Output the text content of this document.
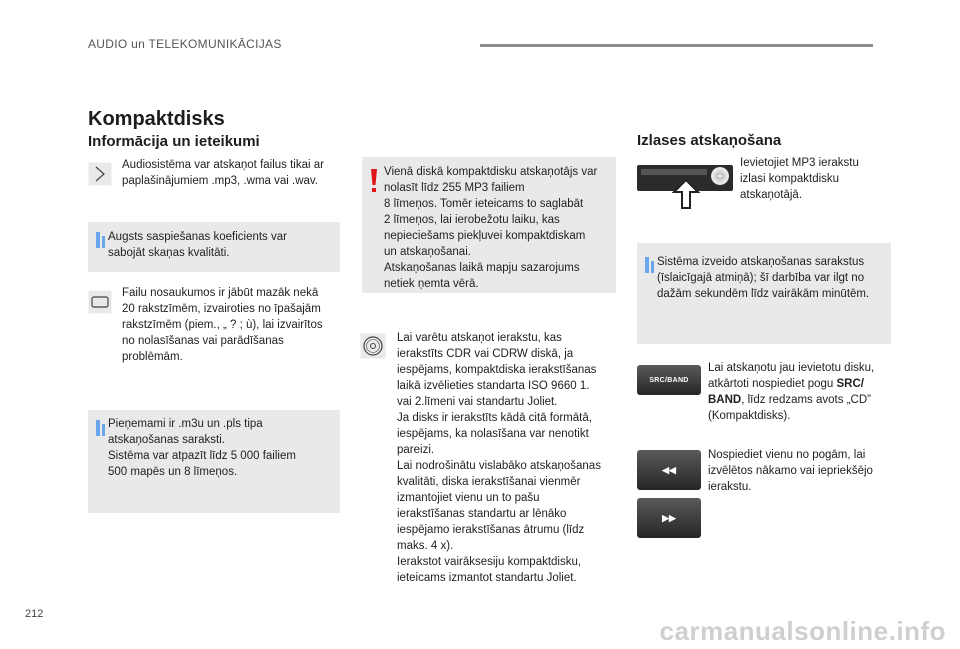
AUDIO un TELEKOMUNIKĀCIJAS
Kompaktdisks
Informācija un ieteikumi	Izlases atskaņošana
Audiosistēma var atskaņot failus tikai ar
paplašinājumiem .mp3, .wma vai .wav.
Augsts saspiešanas koeficients var
sabojāt skaņas kvalitāti.
Failu nosaukumos ir jābūt mazāk nekā
20 rakstzīmēm, izvairoties no īpašajām
rakstzīmēm (piem., „ ? ; ù), lai izvairītos
no nolasīšanas vai parādīšanas
problēmām.
Pieņemami ir .m3u un .pls tipa
atskaņošanas saraksti.
Sistēma var atpazīt līdz 5 000 failiem
500 mapēs un 8 līmeņos.
Vienā diskā kompaktdisku atskaņotājs var
nolasīt līdz 255 MP3 failiem
8 līmeņos. Tomēr ieteicams to saglabāt
2 līmeņos, lai ierobežotu laiku, kas
nepieciešams piekļuvei kompaktdiskam
un atskaņošanai.
Atskaņošanas laikā mapju sazarojums
netiek ņemta vērā.
Lai varētu atskaņot ierakstu, kas
ierakstīts CDR vai CDRW diskā, ja
iespējams, kompaktdiska ierakstīšanas
laikā izvēlieties standarta ISO 9660 1.
vai 2.līmeni vai standartu Joliet.
Ja disks ir ierakstīts kādā citā formātā,
iespējams, ka nolasīšana var nenotikt
pareizi.
Lai nodrošinātu vislabāko atskaņošanas
kvalitāti, diska ierakstīšanai vienmēr
izmantojiet vienu un to pašu
ierakstīšanas standartu ar lēnāko
iespējamo ierakstīšanas ātrumu (līdz
maks. 4 x).
Ierakstot vairāksesiju kompaktdisku,
ieteicams izmantot standartu Joliet.
Ievietojiet MP3 ierakstu
izlasi kompaktdisku
atskaņotājā.
Sistēma izveido atskaņošanas sarakstus
(īslaicīgajā atmiņā); šī darbība var ilgt no
dažām sekundēm līdz vairākām minūtēm.
SRC/BAND
Lai atskaņotu jau ievietotu disku,
atkārtoti nospiediet pogu SRC/
BAND, līdz redzams avots „CD”
(Kompaktdisks).
◀◀
▶▶
Nospiediet vienu no pogām, lai
izvēlētos nākamo vai iepriekšējo
ierakstu.
212
carmanualsonline.info
